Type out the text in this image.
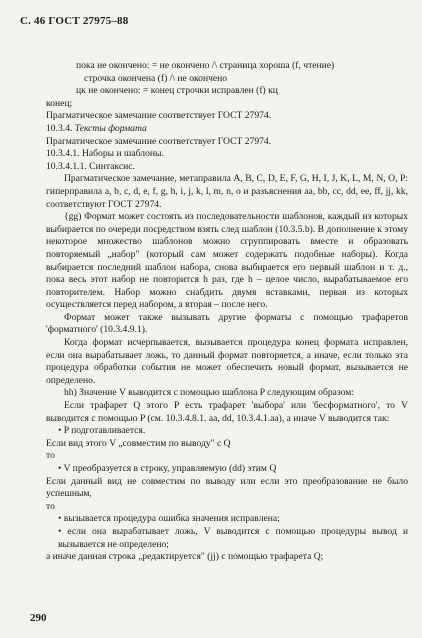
С. 46 ГОСТ 27975–88
пока не окончено: = не окончено /\ страница хороша (f, чтение)
строчка окончена (f) /\ не окончено
цк не окончено: = конец строчки исправлен (f) кц
конец;
Прагматическое замечание соответствует ГОСТ 27974.
10.3.4. Тексты формата
Прагматическое замечание соответствует ГОСТ 27974.
10.3.4.1. Наборы и шаблоны.
10.3.4.1.1. Синтаксис.
Прагматическое замечание, метаправила A, B, C, D, E, F, G, H, I, J, K, L, M, N, O, P: гиперправила a, b, c, d, e, f, g, h, i, j, k, l, m, n, o и разъяснения aa, bb, cc, dd, ee, ff, jj, kk, соответствуют ГОСТ 27974.
{gg) Формат может состоять из последовательности шаблонов, каждый из которых выбирается по очереди посредством взять след шаблон (10.3.5.b). В дополнение к этому некоторое множество шаблонов можно сгруппировать вместе и образовать повторяемый „набор" (который сам может содержать подобные наборы). Когда выбирается последний шаблон набора, снова выбирается его первый шаблон и т. д., пока весь этот набор не повторится h раз, где h – целое число, вырабатываемое его повторителем. Набор можно снабдить двумя вставками, первая из которых осуществляется перед набором, а вторая – после него.
Формат может также вызывать другие форматы с помощью трафаретов 'форматного' (10.3.4.9.1).
Когда формат исчерпывается, вызывается процедура конец формата исправлен, если она вырабатывает ложь, то данный формат повторяется, а иначе, если только эта процедура обработки события не может обеспечить новый формат, вызывается не определено.
hh) Значение V выводится с помощью шаблона P следующим образом:
Если трафарет Q этого P есть трафарет 'выбора' или 'бесформатного', то V выводится с помощью P (см. 10.3.4.8.1. aa, dd, 10.3.4.1.aa), а иначе V выводится так:
• P подготавливается.
Если вид этого V „совместим по выводу" с Q
то
• V преобразуется в строку, управляемую (dd) этим Q
Если данный вид не совместим по выводу или если это преобразование не было успешным,
то
• вызывается процедура ошибка значения исправлена;
• если она вырабатывает ложь, V выводится с помощью процедуры вывод и вызывается не определено;
а иначе данная строка „редактируется" (jj) с помощью трафарета Q;
290
